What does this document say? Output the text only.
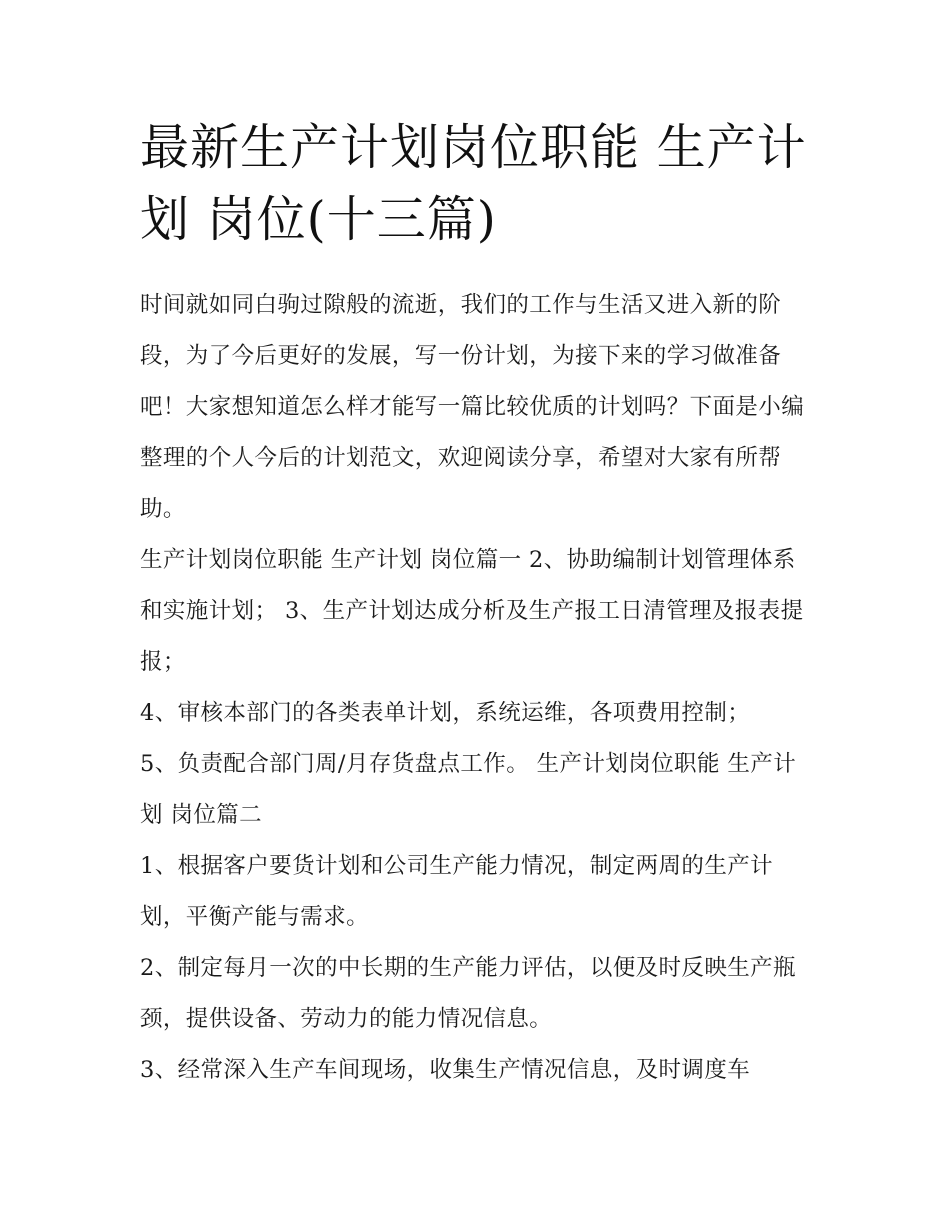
最新生产计划岗位职能 生产计划 岗位(十三篇)

时间就如同白驹过隙般的流逝，我们的工作与生活又进入新的阶段，为了今后更好的发展，写一份计划，为接下来的学习做准备吧！大家想知道怎么样才能写一篇比较优质的计划吗？下面是小编整理的个人今后的计划范文，欢迎阅读分享，希望对大家有所帮助。

生产计划岗位职能 生产计划 岗位篇一 2、协助编制计划管理体系和实施计划； 3、生产计划达成分析及生产报工日清管理及报表提报；

4、审核本部门的各类表单计划，系统运维，各项费用控制；

5、负责配合部门周/月存货盘点工作。 生产计划岗位职能 生产计划 岗位篇二

1、根据客户要货计划和公司生产能力情况，制定两周的生产计划，平衡产能与需求。

2、制定每月一次的中长期的生产能力评估，以便及时反映生产瓶颈，提供设备、劳动力的能力情况信息。

3、经常深入生产车间现场，收集生产情况信息，及时调度车
